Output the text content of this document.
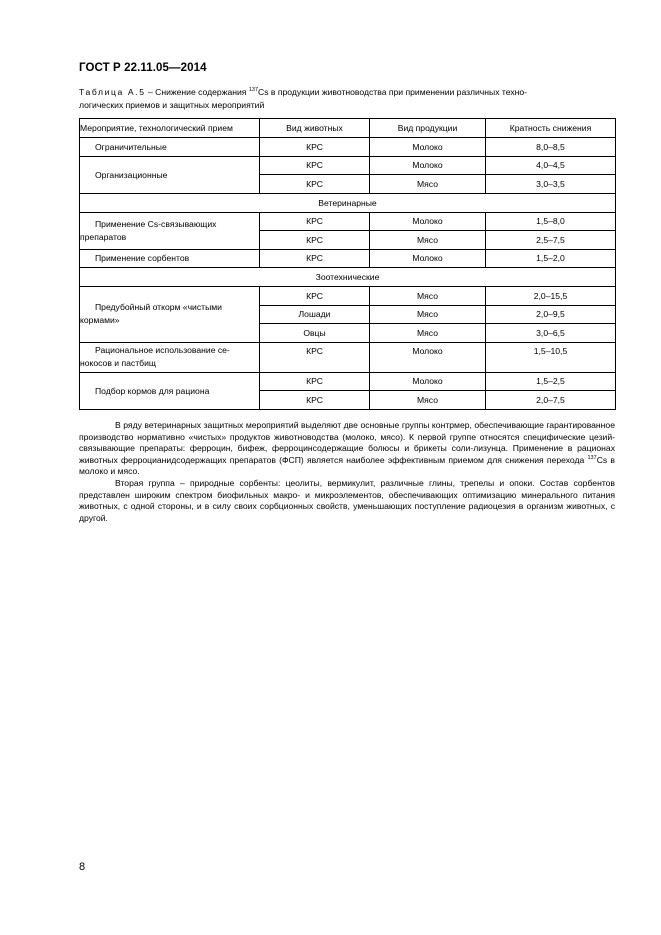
ГОСТ Р 22.11.05—2014
Таблица А.5 – Снижение содержания $^{137}$Cs в продукции животноводства при применении различных техно-
логических приемов и защитных мероприятий
Мероприятие, технологический прием	Вид животных	Вид продукции	Кратность снижения
Ограничительные	КРС	Молоко	8,0–8,5
Организационные	КРС	Молоко	4,0–4,5
	КРС	Мясо	3,0–3,5
Ветеринарные			
Применение Cs-связывающих
препаратов	КРС	Молоко	1,5–8,0
	КРС	Мясо	2,5–7,5
Применение сорбентов	КРС	Молоко	1,5–2,0
Зоотехнические			
Предубойный откорм «чистыми
кормами»	КРС	Мясо	2,0–15,5
	Лошади	Мясо	2,0–9,5
	Овцы	Мясо	3,0–6,5
Рациональное использование се-
нокосов и пастбищ	КРС	Молоко	1,5–10,5
Подбор кормов для рациона	КРС	Молоко	1,5–2,5
	КРС	Мясо	2,0–7,5

В ряду ветеринарных защитных мероприятий выделяют две основные группы контрмер, обеспечивающие гарантированное производство нормативно «чистых» продуктов животноводства (молоко, мясо). К первой группе относятся специфические цезий-связывающие препараты: ферроцин, бифеж, ферроцинсодержащие болюсы и брикеты соли-лизунца. Применение в рационах животных ферроцианидсодержащих препаратов (ФСП) является наиболее эффективным приемом для снижения перехода $^{137}$Cs в молоко и мясо.

Вторая группа – природные сорбенты: цеолиты, вермикулит, различные глины, трепелы и опоки. Состав сорбентов представлен широким спектром биофильных макро- и микроэлементов, обеспечивающих оптимизацию минерального питания животных, с одной стороны, и в силу своих сорбционных свойств, уменьшающих поступление радиоцезия в организм животных, с другой.

8
